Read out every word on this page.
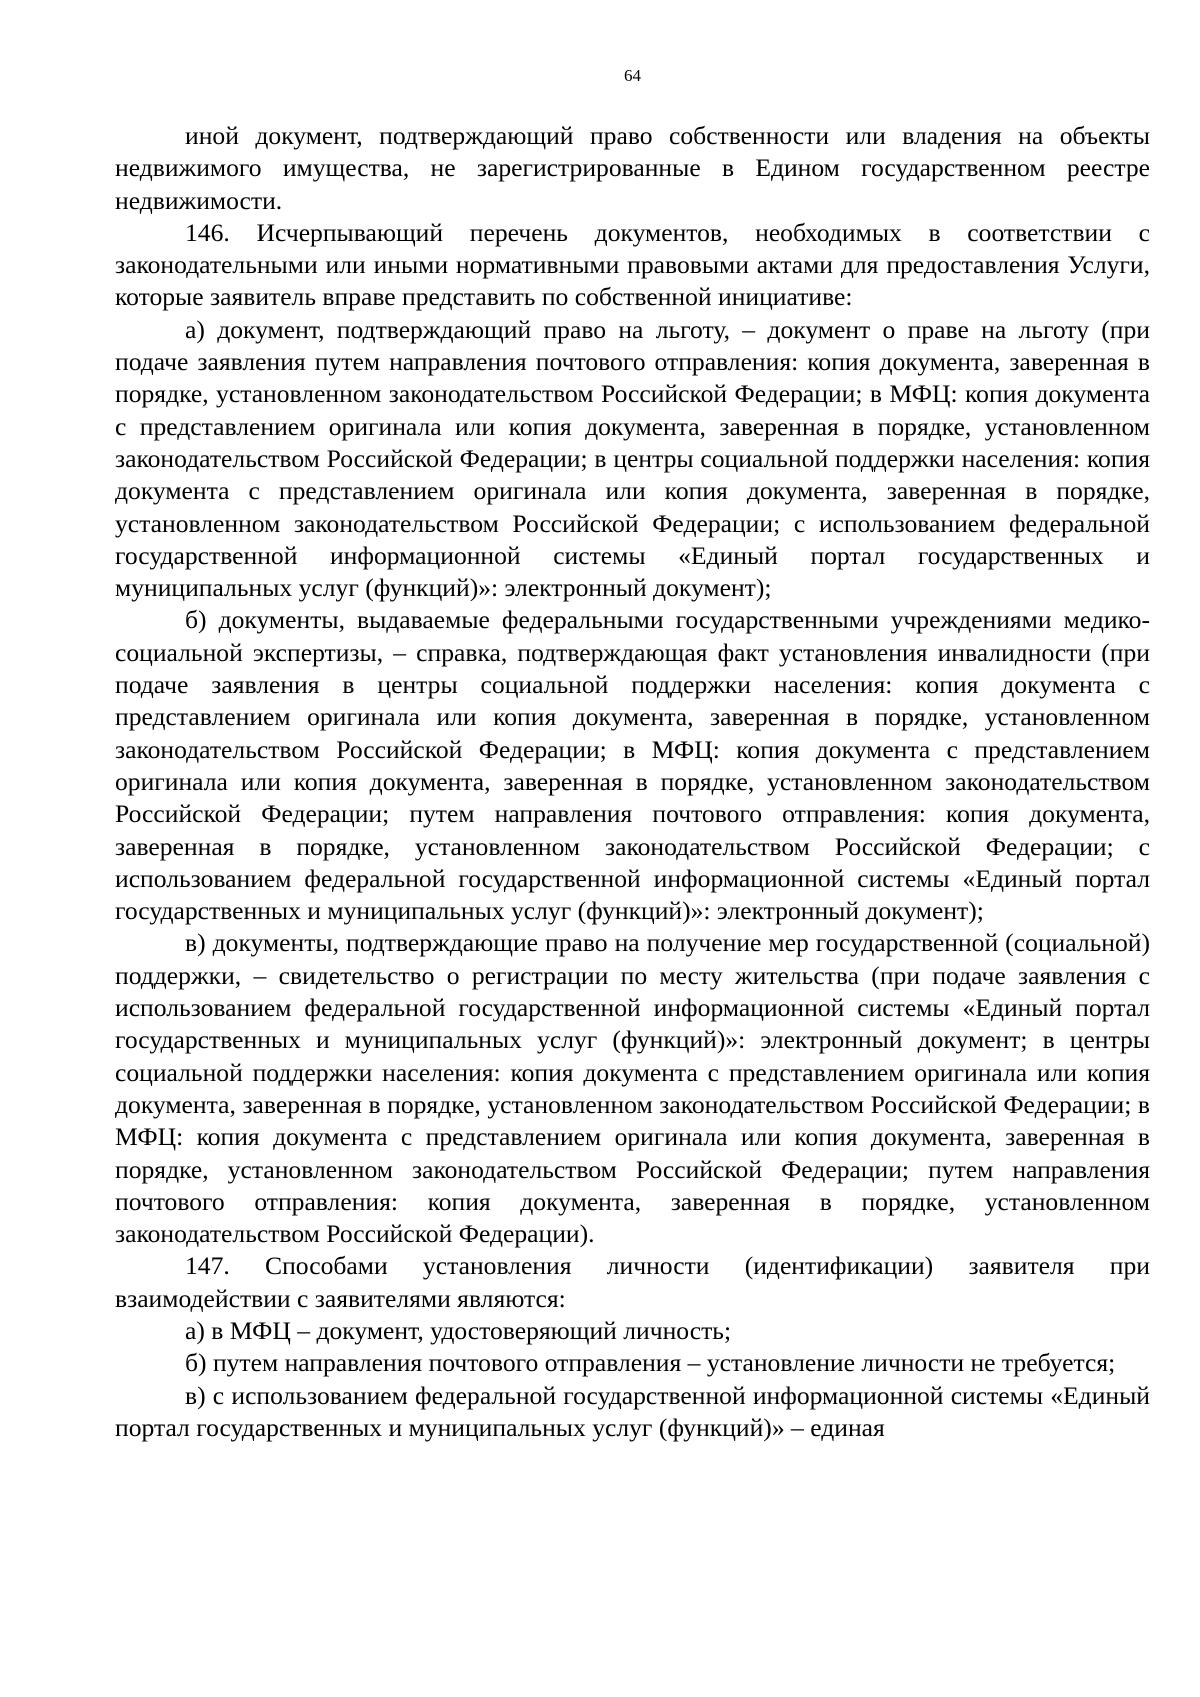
64

иной документ, подтверждающий право собственности или владения на объекты недвижимого имущества, не зарегистрированные в Едином государственном реестре недвижимости.

146. Исчерпывающий перечень документов, необходимых в соответствии с законодательными или иными нормативными правовыми актами для предоставления Услуги, которые заявитель вправе представить по собственной инициативе:

а) документ, подтверждающий право на льготу, – документ о праве на льготу (при подаче заявления путем направления почтового отправления: копия документа, заверенная в порядке, установленном законодательством Российской Федерации; в МФЦ: копия документа с представлением оригинала или копия документа, заверенная в порядке, установленном законодательством Российской Федерации; в центры социальной поддержки населения: копия документа с представлением оригинала или копия документа, заверенная в порядке, установленном законодательством Российской Федерации; с использованием федеральной государственной информационной системы «Единый портал государственных и муниципальных услуг (функций)»: электронный документ);

б) документы, выдаваемые федеральными государственными учреждениями медико-социальной экспертизы, – справка, подтверждающая факт установления инвалидности (при подаче заявления в центры социальной поддержки населения: копия документа с представлением оригинала или копия документа, заверенная в порядке, установленном законодательством Российской Федерации; в МФЦ: копия документа с представлением оригинала или копия документа, заверенная в порядке, установленном законодательством Российской Федерации; путем направления почтового отправления: копия документа, заверенная в порядке, установленном законодательством Российской Федерации; с использованием федеральной государственной информационной системы «Единый портал государственных и муниципальных услуг (функций)»: электронный документ);

в) документы, подтверждающие право на получение мер государственной (социальной) поддержки, – свидетельство о регистрации по месту жительства (при подаче заявления с использованием федеральной государственной информационной системы «Единый портал государственных и муниципальных услуг (функций)»: электронный документ; в центры социальной поддержки населения: копия документа с представлением оригинала или копия документа, заверенная в порядке, установленном законодательством Российской Федерации; в МФЦ: копия документа с представлением оригинала или копия документа, заверенная в порядке, установленном законодательством Российской Федерации; путем направления почтового отправления: копия документа, заверенная в порядке, установленном законодательством Российской Федерации).

147. Способами установления личности (идентификации) заявителя при взаимодействии с заявителями являются:

а) в МФЦ – документ, удостоверяющий личность;

б) путем направления почтового отправления – установление личности не требуется;

в) с использованием федеральной государственной информационной системы «Единый портал государственных и муниципальных услуг (функций)» – единая
